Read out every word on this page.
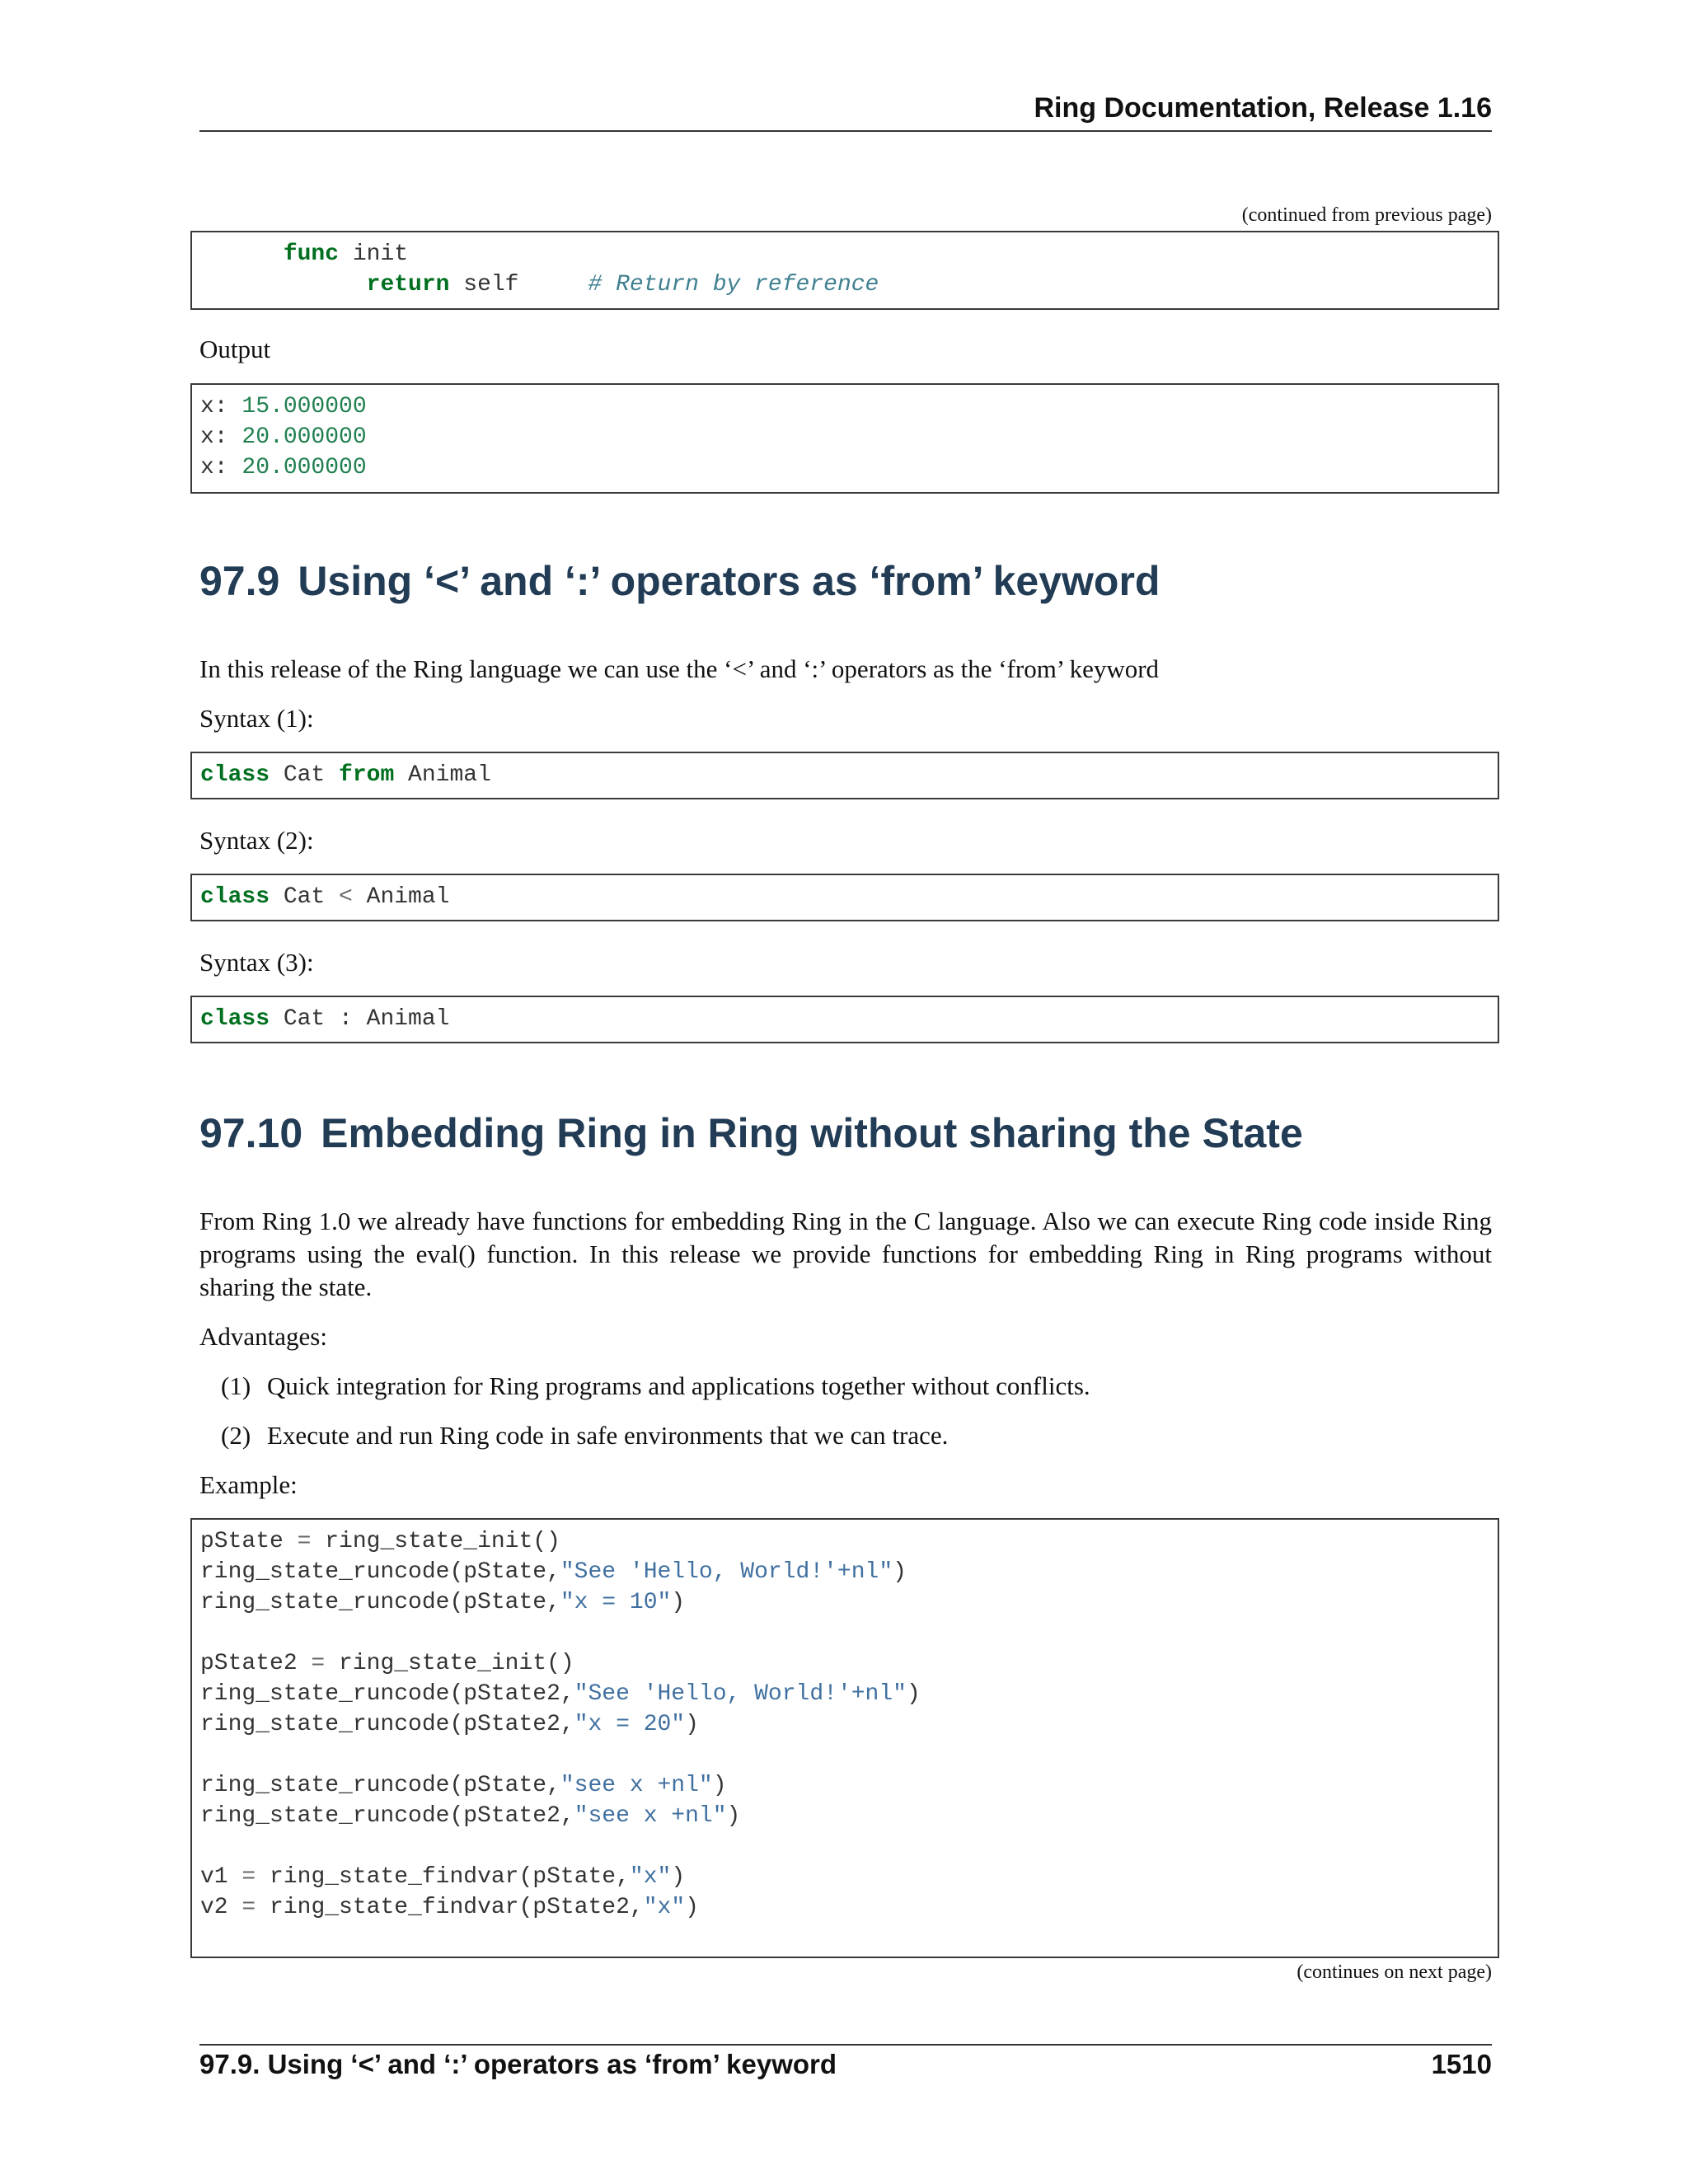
Ring Documentation, Release 1.16
(continued from previous page)
func init
return self     # Return by reference
Output
x: 15.000000
x: 20.000000
x: 20.000000
97.9 Using ‘<’ and ‘:’ operators as ‘from’ keyword
In this release of the Ring language we can use the ‘<’ and ‘:’ operators as the ‘from’ keyword
Syntax (1):
class Cat from Animal
Syntax (2):
class Cat < Animal
Syntax (3):
class Cat : Animal
97.10 Embedding Ring in Ring without sharing the State
From Ring 1.0 we already have functions for embedding Ring in the C language. Also we can execute Ring code inside Ring programs using the eval() function. In this release we provide functions for embedding Ring in Ring programs without sharing the state.
Advantages:
(1) Quick integration for Ring programs and applications together without conflicts.
(2) Execute and run Ring code in safe environments that we can trace.
Example:
pState = ring_state_init()
ring_state_runcode(pState,"See 'Hello, World!'+nl")
ring_state_runcode(pState,"x = 10")
pState2 = ring_state_init()
ring_state_runcode(pState2,"See 'Hello, World!'+nl")
ring_state_runcode(pState2,"x = 20")
ring_state_runcode(pState,"see x +nl")
ring_state_runcode(pState2,"see x +nl")
v1 = ring_state_findvar(pState,"x")
v2 = ring_state_findvar(pState2,"x")
(continues on next page)
97.9. Using ‘<’ and ‘:’ operators as ‘from’ keyword	1510
